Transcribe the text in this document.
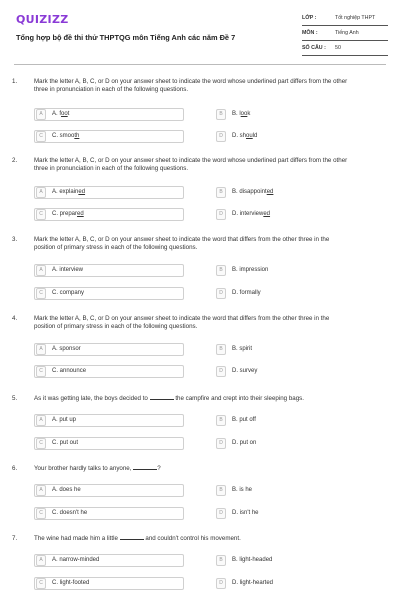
QUIZIZZ
Tổng hợp bộ đề thi thử THPTQG môn Tiếng Anh các năm Đề 7
LỚP :	Tốt nghiệp THPT
MÔN :	Tiếng Anh
SỐ CÂU :	50
1.	Mark the letter A, B, C, or D on your answer sheet to indicate the word whose underlined part differs from the other
three in pronunciation in each of the following questions.
A	A. foot	B	B. look
C	C. smooth	D	D. should
2.	Mark the letter A, B, C, or D on your answer sheet to indicate the word whose underlined part differs from the other
three in pronunciation in each of the following questions.
A	A. explained	B	B. disappointed
C	C. prepared	D	D. interviewed
3.	Mark the letter A, B, C, or D on your answer sheet to indicate the word that differs from the other three in the
position of primary stress in each of the following questions.
A	A. interview	B	B. impression
C	C. company	D	D. formally
4.	Mark the letter A, B, C, or D on your answer sheet to indicate the word that differs from the other three in the
position of primary stress in each of the following questions.
A	A. sponsor	B	B. spirit
C	C. announce	D	D. survey
5.	As it was getting late, the boys decided to	the campfire and crept into their sleeping bags.
A	A. put up	B	B. put off
C	C. put out	D	D. put on
6.	Your brother hardly talks to anyone,	?
A	A. does he	B	B. is he
C	C. doesn't he	D	D. isn't he
7.	The wine had made him a little	and couldn't control his movement.
A	A. narrow-minded	B	B. light-headed
C	C. light-footed	D	D. light-hearted
